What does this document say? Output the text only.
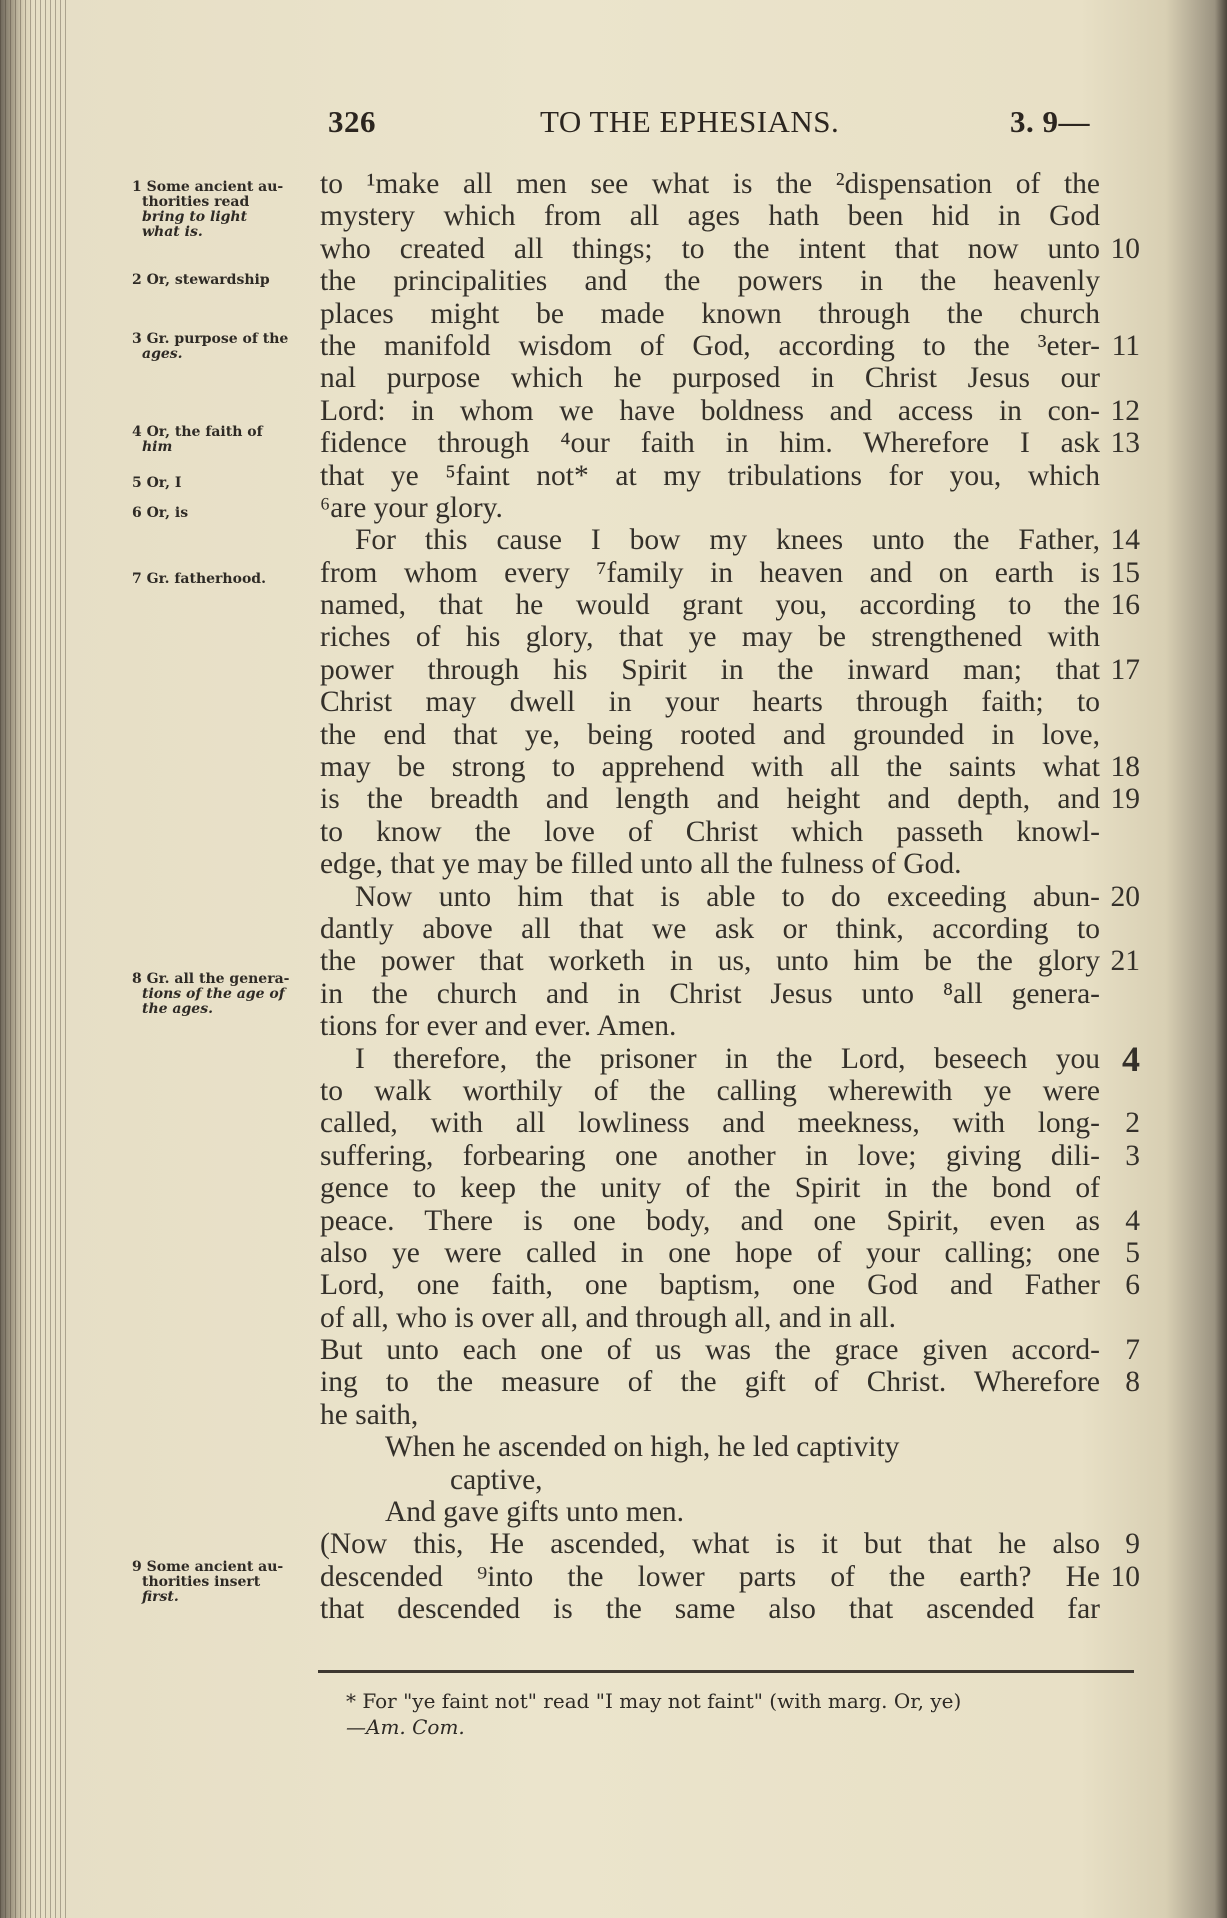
326	TO THE EPHESIANS.	3. 9—
1 Some ancient au-
thorities read
bring to light
what is.
2 Or, stewardship
3 Gr. purpose of the
ages.
4 Or, the faith of
him
5 Or, I
6 Or, is
7 Gr. fatherhood.
8 Gr. all the genera-
tions of the age of
the ages.
9 Some ancient au-
thorities insert
first.
to ¹make all men see what is the ²dispensation of the
mystery which from all ages hath been hid in God
who created all things; to the intent that now unto 10
the principalities and the powers in the heavenly
places might be made known through the church
the manifold wisdom of God, according to the ³eter- 11
nal purpose which he purposed in Christ Jesus our
Lord: in whom we have boldness and access in con- 12
fidence through ⁴our faith in him. Wherefore I ask 13
that ye ⁵faint not* at my tribulations for you, which
⁶are your glory.
For this cause I bow my knees unto the Father, 14
from whom every ⁷family in heaven and on earth is 15
named, that he would grant you, according to the 16
riches of his glory, that ye may be strengthened with
power through his Spirit in the inward man; that 17
Christ may dwell in your hearts through faith; to
the end that ye, being rooted and grounded in love,
may be strong to apprehend with all the saints what 18
is the breadth and length and height and depth, and 19
to know the love of Christ which passeth knowl-
edge, that ye may be filled unto all the fulness of God.
Now unto him that is able to do exceeding abun- 20
dantly above all that we ask or think, according to
the power that worketh in us, unto him be the glory 21
in the church and in Christ Jesus unto ⁸all genera-
tions for ever and ever. Amen.
I therefore, the prisoner in the Lord, beseech you 4
to walk worthily of the calling wherewith ye were
called, with all lowliness and meekness, with long- 2
suffering, forbearing one another in love; giving dili- 3
gence to keep the unity of the Spirit in the bond of
peace. There is one body, and one Spirit, even as 4
also ye were called in one hope of your calling; one 5
Lord, one faith, one baptism, one God and Father 6
of all, who is over all, and through all, and in all.
But unto each one of us was the grace given accord- 7
ing to the measure of the gift of Christ. Wherefore 8
he saith,
When he ascended on high, he led captivity
captive,
And gave gifts unto men.
(Now this, He ascended, what is it but that he also 9
descended ⁹into the lower parts of the earth? He 10
that descended is the same also that ascended far
* For "ye faint not" read "I may not faint" (with marg. Or, ye)
—Am. Com.
